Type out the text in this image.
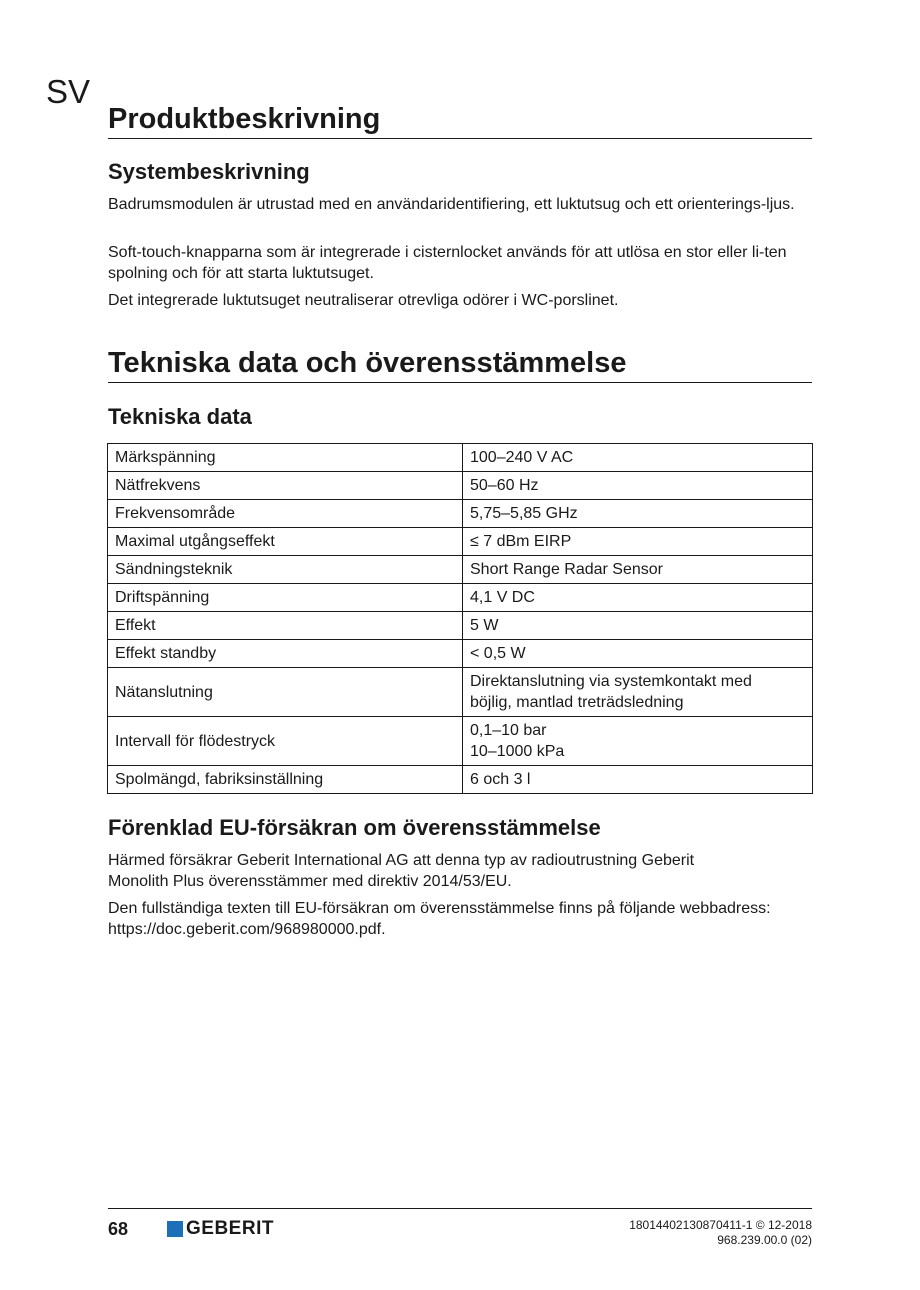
SV
Produktbeskrivning
Systembeskrivning

Badrumsmodulen är utrustad med en användaridentifiering, ett luktutsug och ett orienterings-ljus.

Soft-touch-knapparna som är integrerade i cisternlocket används för att utlösa en stor eller li-ten spolning och för att starta luktutsuget.

Det integrerade luktutsuget neutraliserar otrevliga odörer i WC-porslinet.

Tekniska data och överensstämmelse
Tekniska data
Märkspänning	100–240 V AC
Nätfrekvens	50–60 Hz
Frekvensområde	5,75–5,85 GHz
Maximal utgångseffekt	≤ 7 dBm EIRP
Sändningsteknik	Short Range Radar Sensor
Driftspänning	4,1 V DC
Effekt	5 W
Effekt standby	< 0,5 W
Nätanslutning	Direktanslutning via systemkontakt med
böjlig, mantlad treträdsledning

Intervall för flödestryck	0,1–10 bar
10–1000 kPa

Spolmängd, fabriksinställning	6 och 3 l
Förenklad EU-försäkran om överensstämmelse
Härmed försäkrar Geberit International AG att denna typ av radioutrustning Geberit
Monolith Plus överensstämmer med direktiv 2014/53/EU.
Den fullständiga texten till EU-försäkran om överensstämmelse finns på följande webbadress:
https://doc.geberit.com/968980000.pdf.
68	GEBERIT	180144021308704​11-1 © 12-2018
968.239.00.0 (02)
